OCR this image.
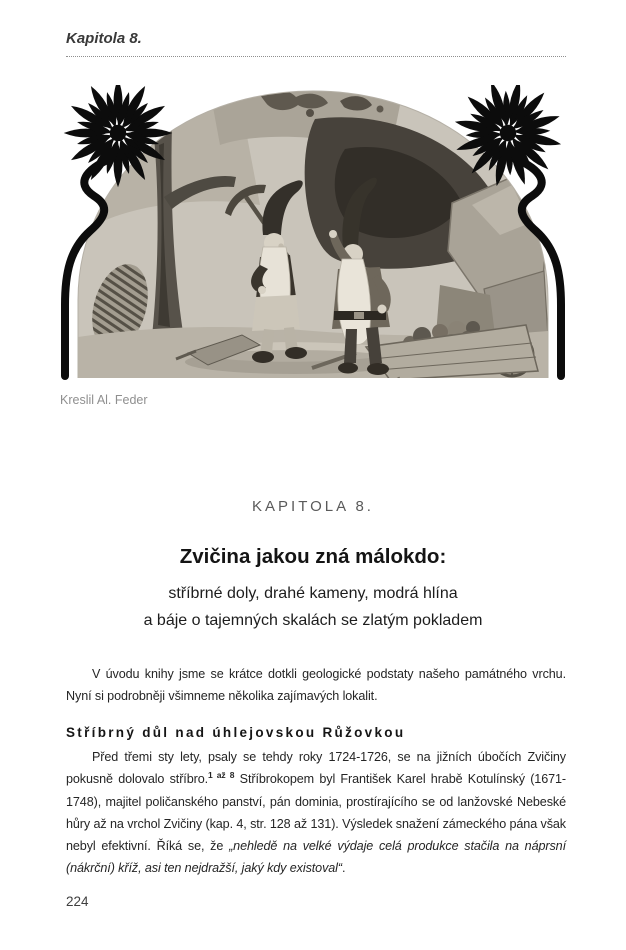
Kapitola 8.
Kreslil Al. Feder
KAPITOLA 8.
Zvičina jakou zná málokdo:
stříbrné doly, drahé kameny, modrá hlína
a báje o tajemných skalách se zlatým pokladem

V úvodu knihy jsme se krátce dotkli geologické podstaty našeho památného vrchu. Nyní si podrobněji všimneme několika zajímavých lokalit.

Stříbrný důl nad úhlejovskou Růžovkou

Před třemi sty lety, psaly se tehdy roky 1724-1726, se na jižních úbočích Zvičiny pokusně dolovalo stříbro.$^{1 až 8}$ Stříbrokopem byl František Karel hrabě Kotulínský (1671-1748), majitel poličanského panství, pán dominia, prostírajícího se od lanžovské Nebeské hůry až na vrchol Zvičiny (kap. 4, str. 128 až 131). Výsledek snažení zámeckého pána však nebyl efektivní. Říká se, že „nehledě na velké výdaje celá produkce stačila na náprsní (nákrční) kříž, asi ten nejdražší, jaký kdy existoval“.

224
